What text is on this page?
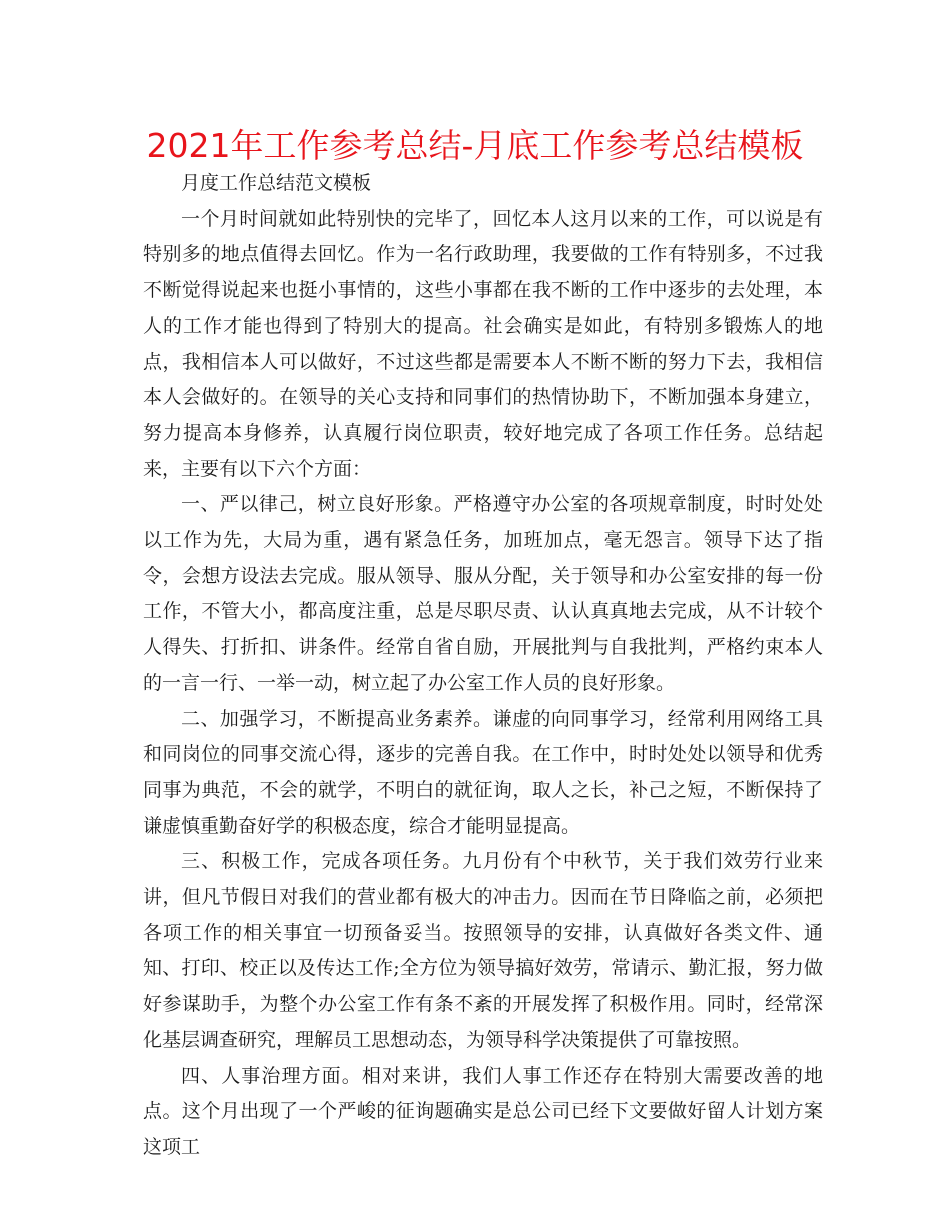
2021年工作参考总结-月底工作参考总结模板

月度工作总结范文模板

一个月时间就如此特别快的完毕了，回忆本人这月以来的工作，可以说是有特别多的地点值得去回忆。作为一名行政助理，我要做的工作有特别多，不过我不断觉得说起来也挺小事情的，这些小事都在我不断的工作中逐步的去处理，本人的工作才能也得到了特别大的提高。社会确实是如此，有特别多锻炼人的地点，我相信本人可以做好，不过这些都是需要本人不断不断的努力下去，我相信本人会做好的。在领导的关心支持和同事们的热情协助下，不断加强本身建立，努力提高本身修养，认真履行岗位职责，较好地完成了各项工作任务。总结起来，主要有以下六个方面：

一、严以律己，树立良好形象。严格遵守办公室的各项规章制度，时时处处以工作为先，大局为重，遇有紧急任务，加班加点，毫无怨言。领导下达了指令，会想方设法去完成。服从领导、服从分配，关于领导和办公室安排的每一份工作，不管大小，都高度注重，总是尽职尽责、认认真真地去完成，从不计较个人得失、打折扣、讲条件。经常自省自励，开展批判与自我批判，严格约束本人的一言一行、一举一动，树立起了办公室工作人员的良好形象。

二、加强学习，不断提高业务素养。谦虚的向同事学习，经常利用网络工具和同岗位的同事交流心得，逐步的完善自我。在工作中，时时处处以领导和优秀同事为典范，不会的就学，不明白的就征询，取人之长，补己之短，不断保持了谦虚慎重勤奋好学的积极态度，综合才能明显提高。

三、积极工作，完成各项任务。九月份有个中秋节，关于我们效劳行业来讲，但凡节假日对我们的营业都有极大的冲击力。因而在节日降临之前，必须把各项工作的相关事宜一切预备妥当。按照领导的安排，认真做好各类文件、通知、打印、校正以及传达工作;全方位为领导搞好效劳，常请示、勤汇报，努力做好参谋助手，为整个办公室工作有条不紊的开展发挥了积极作用。同时，经常深化基层调查研究，理解员工思想动态，为领导科学决策提供了可靠按照。

四、人事治理方面。相对来讲，我们人事工作还存在特别大需要改善的地点。这个月出现了一个严峻的征询题确实是总公司已经下文要做好留人计划方案这项工
